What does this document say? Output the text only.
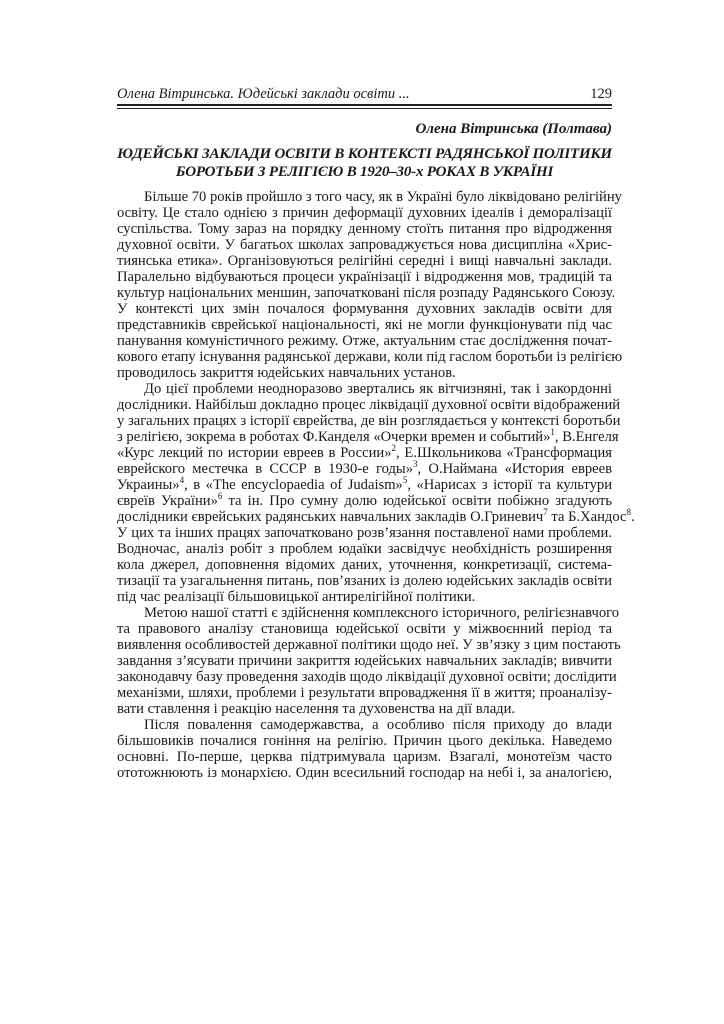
Олена Вітринська. Юдейські заклади освіти ...	129
Олена Вітринська (Полтава)
ЮДЕЙСЬКІ ЗАКЛАДИ ОСВІТИ В КОНТЕКСТІ РАДЯНСЬКОЇ ПОЛІТИКИ
БОРОТЬБИ З РЕЛІГІЄЮ В 1920–30-х РОКАХ В УКРАЇНІ
Більше 70 років пройшло з того часу, як в Україні було ліквідовано релігійну
освіту. Це стало однією з причин деформації духовних ідеалів і деморалізації
суспільства. Тому зараз на порядку денному стоїть питання про відродження
духовної освіти. У багатьох школах запроваджується нова дисципліна «Хрис-
тиянська етика». Організовуються релігійні середні і вищі навчальні заклади.
Паралельно відбуваються процеси українізації і відродження мов, традицій та
культур національних меншин, започатковані після розпаду Радянського Союзу.
У контексті цих змін почалося формування духовних закладів освіти для
представників єврейської національності, які не могли функціонувати під час
панування комуністичного режиму. Отже, актуальним стає дослідження почат-
кового етапу існування радянської держави, коли під гаслом боротьби із релігією
проводилось закриття юдейських навчальних установ.
До цієї проблеми неодноразово звертались як вітчизняні, так і закордонні
дослідники. Найбільш докладно процес ліквідації духовної освіти відображений
у загальних працях з історії єврейства, де він розглядається у контексті боротьби
з релігією, зокрема в роботах Ф.Канделя «Очерки времен и событий»$^1$, В.Енгеля
«Курс лекций по истории евреев в России»$^2$, Е.Школьникова «Трансформация
еврейского местечка в СССР в 1930-е годы»$^3$, О.Наймана «История евреев
Украины»$^4$, в «The encyclopaedia of Judaism»$^5$, «Нарисах з історії та культури
євреїв України»$^6$ та ін. Про сумну долю юдейської освіти побіжно згадують
дослідники єврейських радянських навчальних закладів О.Гриневич$^7$ та Б.Хандос$^8$.
У цих та інших працях започатковано розв’язання поставленої нами проблеми.
Водночас, аналіз робіт з проблем юдаїки засвідчує необхідність розширення
кола джерел, доповнення відомих даних, уточнення, конкретизації, система-
тизації та узагальнення питань, пов’язаних із долею юдейських закладів освіти
під час реалізації більшовицької антирелігійної політики.
Метою нашої статті є здійснення комплексного історичного, релігієзнавчого
та правового аналізу становища юдейської освіти у міжвоєнний період та
виявлення особливостей державної політики щодо неї. У зв’язку з цим постають
завдання з’ясувати причини закриття юдейських навчальних закладів; вивчити
законодавчу базу проведення заходів щодо ліквідації духовної освіти; дослідити
механізми, шляхи, проблеми і результати впровадження її в життя; проаналізу-
вати ставлення і реакцію населення та духовенства на дії влади.
Після повалення самодержавства, а особливо після приходу до влади
більшовиків почалися гоніння на релігію. Причин цього декілька. Наведемо
основні. По-перше, церква підтримувала царизм. Взагалі, монотеїзм часто
ототожнюють із монархією. Один всесильний господар на небі і, за аналогією,
